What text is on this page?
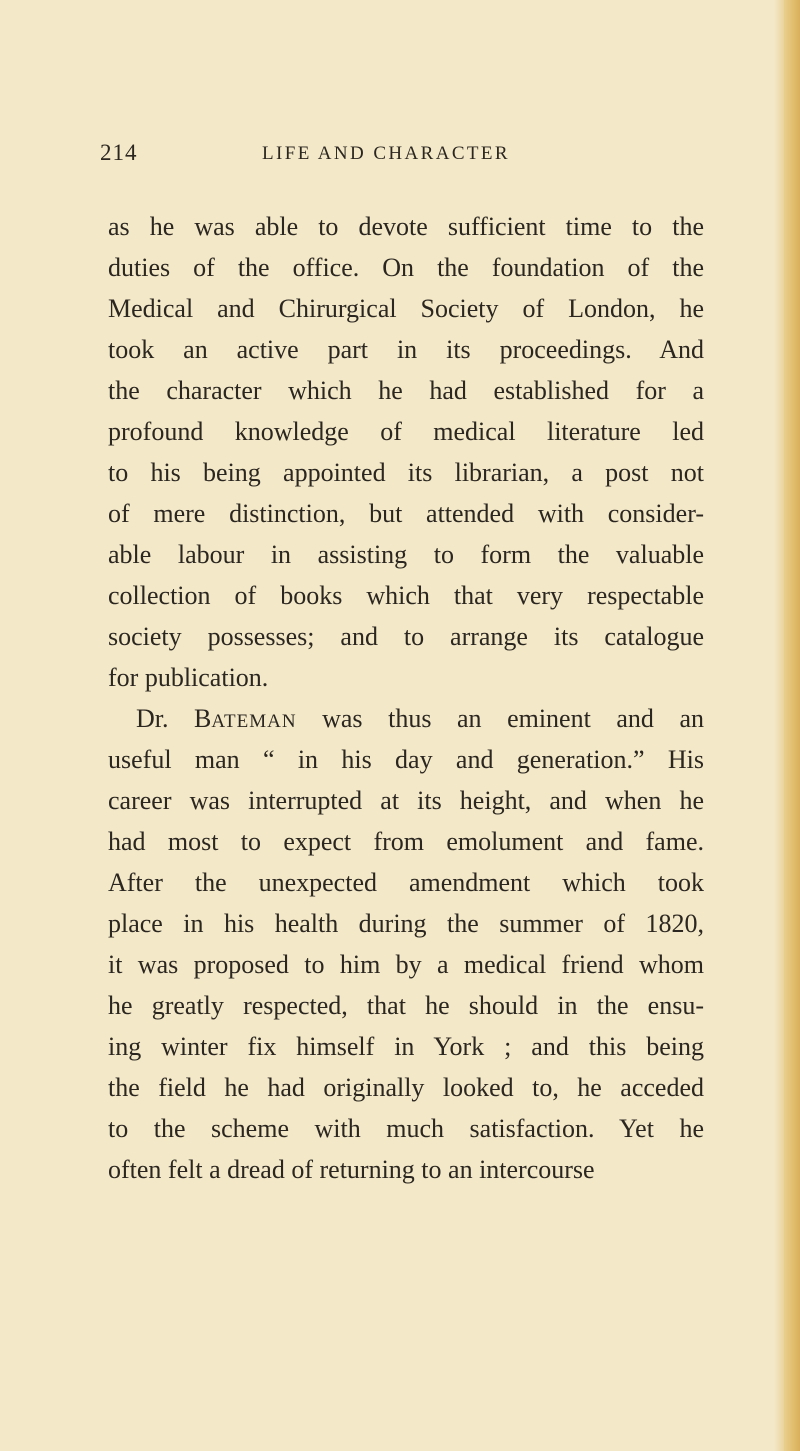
214	LIFE AND CHARACTER
as he was able to devote sufficient time to the
duties of the office. On the foundation of the
Medical and Chirurgical Society of London, he
took an active part in its proceedings. And
the character which he had established for a
profound knowledge of medical literature led
to his being appointed its librarian, a post not
of mere distinction, but attended with consider-
able labour in assisting to form the valuable
collection of books which that very respectable
society possesses; and to arrange its catalogue
for publication.
Dr. BATEMAN was thus an eminent and an
useful man “ in his day and generation.” His
career was interrupted at its height, and when he
had most to expect from emolument and fame.
After the unexpected amendment which took
place in his health during the summer of 1820,
it was proposed to him by a medical friend whom
he greatly respected, that he should in the ensu-
ing winter fix himself in York ; and this being
the field he had originally looked to, he acceded
to the scheme with much satisfaction. Yet he
often felt a dread of returning to an intercourse
